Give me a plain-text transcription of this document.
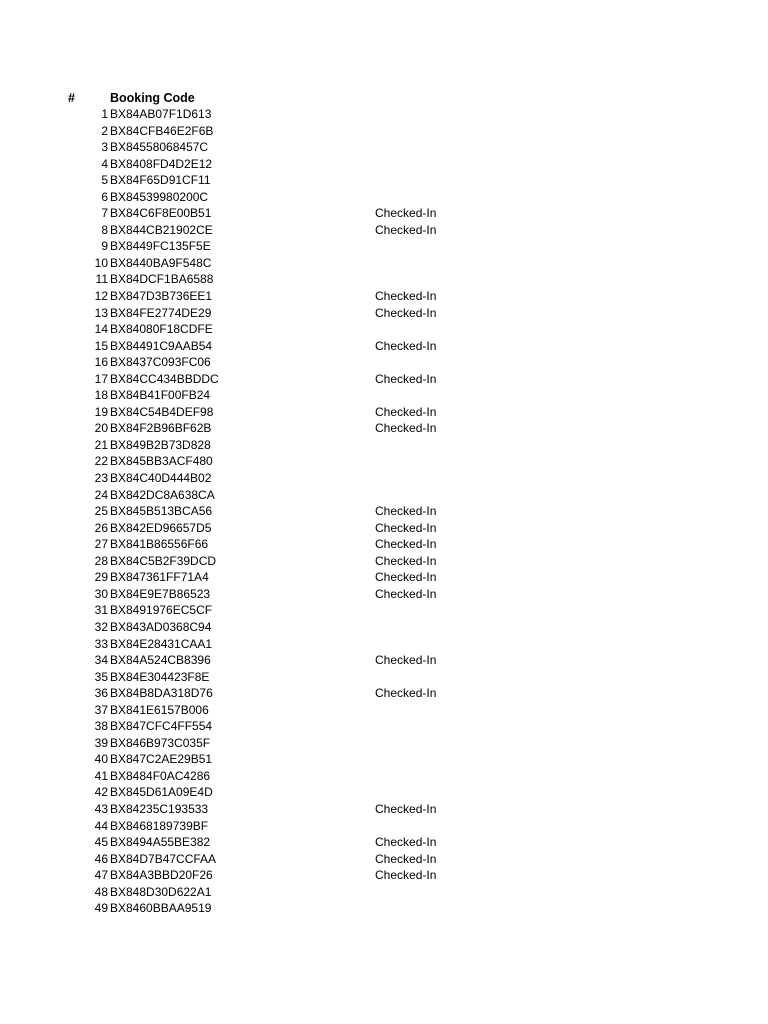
#	Booking Code
1 BX84AB07F1D613
2 BX84CFB46E2F6B
3 BX84558068457C
4 BX8408FD4D2E12
5 BX84F65D91CF11
6 BX84539980200C
7 BX84C6F8E00B51	Checked-In
8 BX844CB21902CE	Checked-In
9 BX8449FC135F5E
10 BX8440BA9F548C
11 BX84DCF1BA6588
12 BX847D3B736EE1	Checked-In
13 BX84FE2774DE29	Checked-In
14 BX84080F18CDFE
15 BX84491C9AAB54	Checked-In
16 BX8437C093FC06
17 BX84CC434BBDDC	Checked-In
18 BX84B41F00FB24
19 BX84C54B4DEF98	Checked-In
20 BX84F2B96BF62B	Checked-In
21 BX849B2B73D828
22 BX845BB3ACF480
23 BX84C40D444B02
24 BX842DC8A638CA
25 BX845B513BCA56	Checked-In
26 BX842ED96657D5	Checked-In
27 BX841B86556F66	Checked-In
28 BX84C5B2F39DCD	Checked-In
29 BX847361FF71A4	Checked-In
30 BX84E9E7B86523	Checked-In
31 BX8491976EC5CF
32 BX843AD0368C94
33 BX84E28431CAA1
34 BX84A524CB8396	Checked-In
35 BX84E304423F8E
36 BX84B8DA318D76	Checked-In
37 BX841E6157B006
38 BX847CFC4FF554
39 BX846B973C035F
40 BX847C2AE29B51
41 BX8484F0AC4286
42 BX845D61A09E4D
43 BX84235C193533	Checked-In
44 BX8468189739BF
45 BX8494A55BE382	Checked-In
46 BX84D7B47CCFAA	Checked-In
47 BX84A3BBD20F26	Checked-In
48 BX848D30D622A1
49 BX8460BBAA9519
